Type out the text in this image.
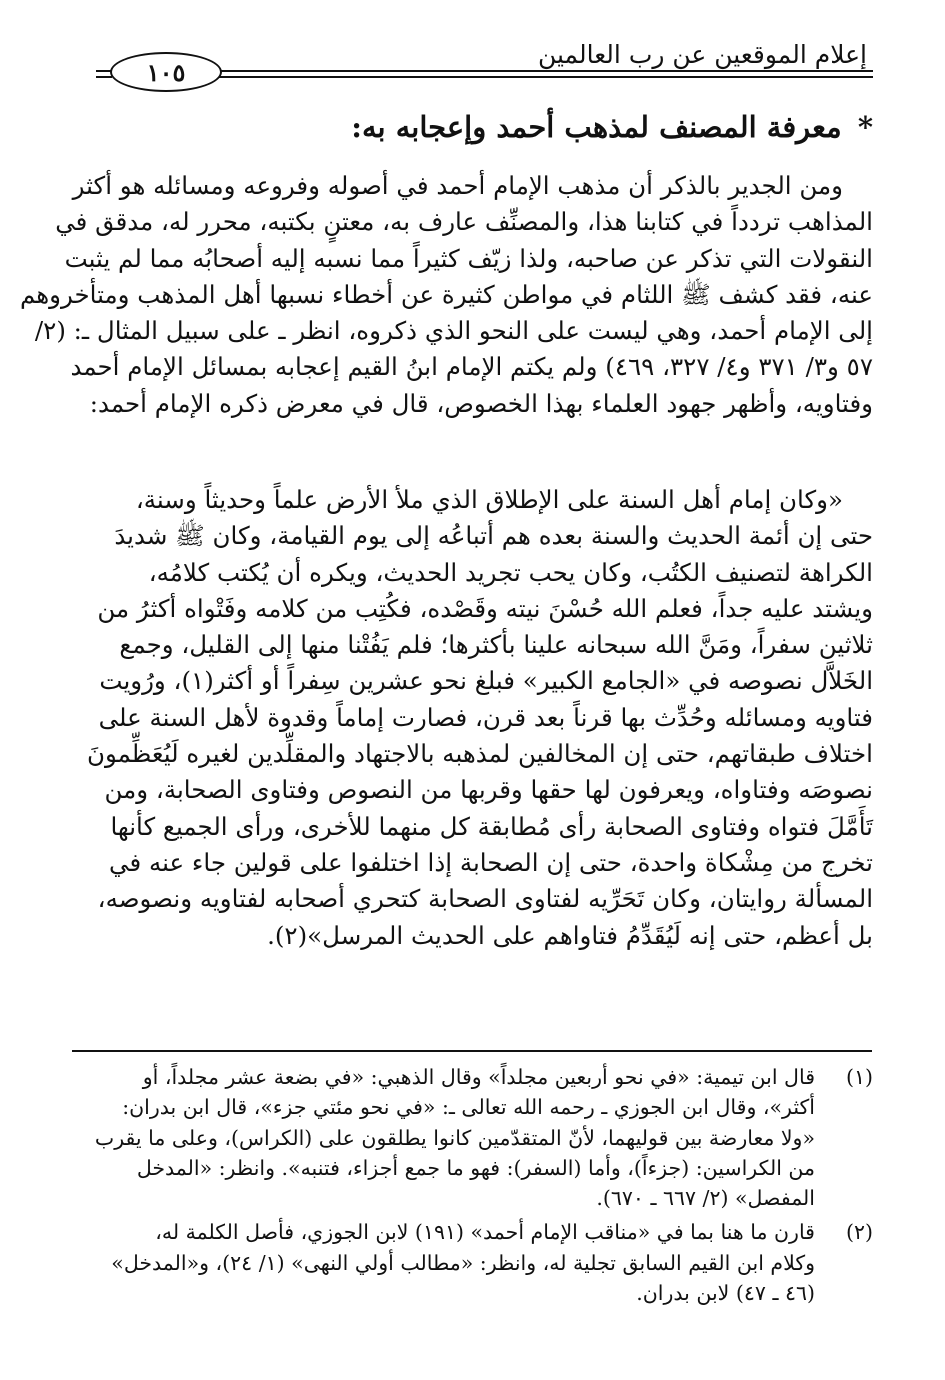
إعلام الموقعين عن رب العالمين
١٠٥
* معرفة المصنف لمذهب أحمد وإعجابه به:
ومن الجدير بالذكر أن مذهب الإمام أحمد في أصوله وفروعه ومسائله هو أكثر
المذاهب تردداً في كتابنا هذا، والمصنِّف عارف به، معتنٍ بكتبه، محرر له، مدقق في
النقولات التي تذكر عن صاحبه، ولذا زيّف كثيراً مما نسبه إليه أصحابُه مما لم يثبت
عنه، فقد كشف ﷺ اللثام في مواطن كثيرة عن أخطاء نسبها أهل المذهب ومتأخروهم
إلى الإمام أحمد، وهي ليست على النحو الذي ذكروه، انظر ـ على سبيل المثال ـ: (٢/
٥٧ و٣/ ٣٧١ و٤/ ٣٢٧، ٤٦٩) ولم يكتم الإمام ابنُ القيم إعجابه بمسائل الإمام أحمد
وفتاويه، وأظهر جهود العلماء بهذا الخصوص، قال في معرض ذكره الإمام أحمد:
«وكان إمام أهل السنة على الإطلاق الذي ملأ الأرض علماً وحديثاً وسنة،
حتى إن أئمة الحديث والسنة بعده هم أتباعُه إلى يوم القيامة، وكان ﷺ شديدَ
الكراهة لتصنيف الكتُب، وكان يحب تجريد الحديث، ويكره أن يُكتب كلامُه،
ويشتد عليه جداً، فعلم الله حُسْنَ نيته وقَصْده، فكُتِب من كلامه وفَتْواه أكثرُ من
ثلاثين سفراً، ومَنَّ الله سبحانه علينا بأكثرها؛ فلم يَفُتْنا منها إلى القليل، وجمع
الخَلاَّل نصوصه في «الجامع الكبير» فبلغ نحو عشرين سِفراً أو أكثر(١)، ورُويت
فتاويه ومسائله وحُدِّث بها قرناً بعد قرن، فصارت إماماً وقدوة لأهل السنة على
اختلاف طبقاتهم، حتى إن المخالفين لمذهبه بالاجتهاد والمقلِّدين لغيره لَيُعَظِّمونَ
نصوصَه وفتاواه، ويعرفون لها حقها وقربها من النصوص وفتاوى الصحابة، ومن
تَأَمَّلَ فتواه وفتاوى الصحابة رأى مُطابقة كل منهما للأخرى، ورأى الجميع كأنها
تخرج من مِشْكاة واحدة، حتى إن الصحابة إذا اختلفوا على قولين جاء عنه في
المسألة روايتان، وكان تَحَرِّيه لفتاوى الصحابة كتحري أصحابه لفتاويه ونصوصه،
بل أعظم، حتى إنه لَيُقَدِّمُ فتاواهم على الحديث المرسل»(٢).
(١)
قال ابن تيمية: «في نحو أربعين مجلداً» وقال الذهبي: «في بضعة عشر مجلداً، أو
أكثر»، وقال ابن الجوزي ـ رحمه الله تعالى ـ: «في نحو مئتي جزء»، قال ابن بدران:
«ولا معارضة بين قوليهما، لأنّ المتقدّمين كانوا يطلقون على (الكراس)، وعلى ما يقرب
من الكراسين: (جزءاً)، وأما (السفر): فهو ما جمع أجزاء، فتنبه». وانظر: «المدخل
المفصل» (٢/ ٦٦٧ ـ ٦٧٠).
(٢)
قارن ما هنا بما في «مناقب الإمام أحمد» (١٩١) لابن الجوزي، فأصل الكلمة له،
وكلام ابن القيم السابق تجلية له، وانظر: «مطالب أولي النهى» (١/ ٢٤)، و«المدخل»
(٤٦ ـ ٤٧) لابن بدران.
